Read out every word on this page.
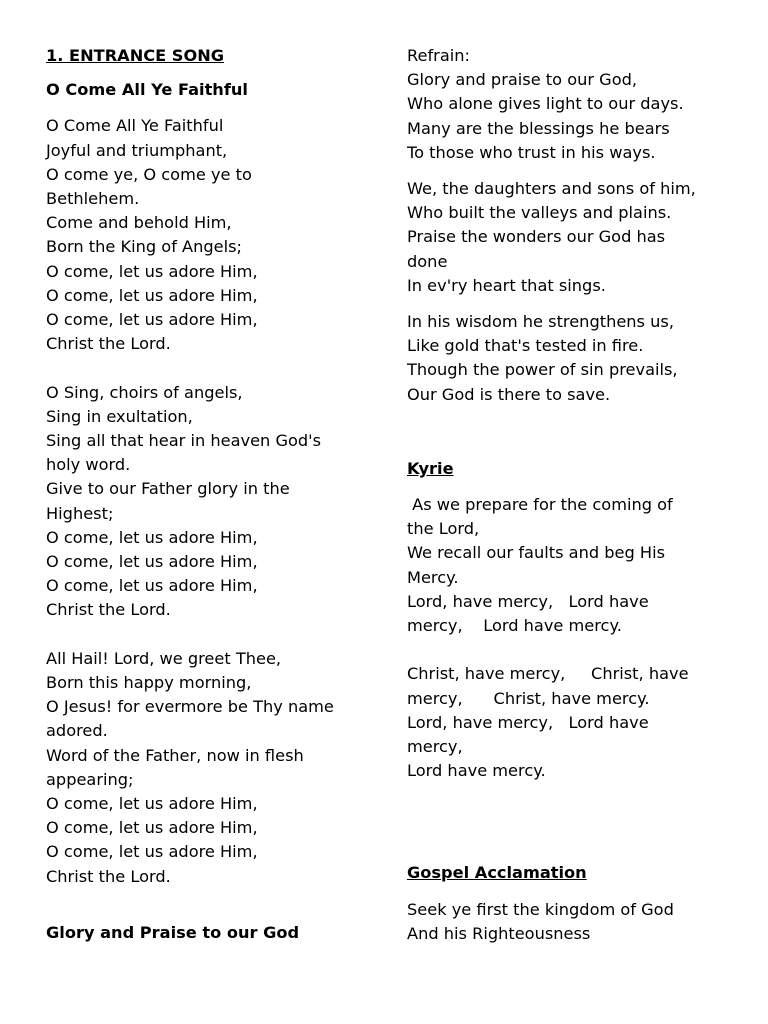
1. ENTRANCE SONG
O Come All Ye Faithful
O Come All Ye Faithful
Joyful and triumphant,
O come ye, O come ye to
Bethlehem.
Come and behold Him,
Born the King of Angels;
O come, let us adore Him,
O come, let us adore Him,
O come, let us adore Him,
Christ the Lord.
O Sing, choirs of angels,
Sing in exultation,
Sing all that hear in heaven God's
holy word.
Give to our Father glory in the
Highest;
O come, let us adore Him,
O come, let us adore Him,
O come, let us adore Him,
Christ the Lord.
All Hail! Lord, we greet Thee,
Born this happy morning,
O Jesus! for evermore be Thy name
adored.
Word of the Father, now in flesh
appearing;
O come, let us adore Him,
O come, let us adore Him,
O come, let us adore Him,
Christ the Lord.
Glory and Praise to our God
Refrain:
Glory and praise to our God,
Who alone gives light to our days.
Many are the blessings he bears
To those who trust in his ways.
We, the daughters and sons of him,
Who built the valleys and plains.
Praise the wonders our God has
done
In ev'ry heart that sings.
In his wisdom he strengthens us,
Like gold that's tested in fire.
Though the power of sin prevails,
Our God is there to save.
Kyrie
As we prepare for the coming of
the Lord,
We recall our faults and beg His
Mercy.
Lord, have mercy,   Lord have
mercy,    Lord have mercy.
Christ, have mercy,     Christ, have
mercy,      Christ, have mercy.
Lord, have mercy,   Lord have
mercy,
Lord have mercy.
Gospel Acclamation
Seek ye first the kingdom of God
And his Righteousness
